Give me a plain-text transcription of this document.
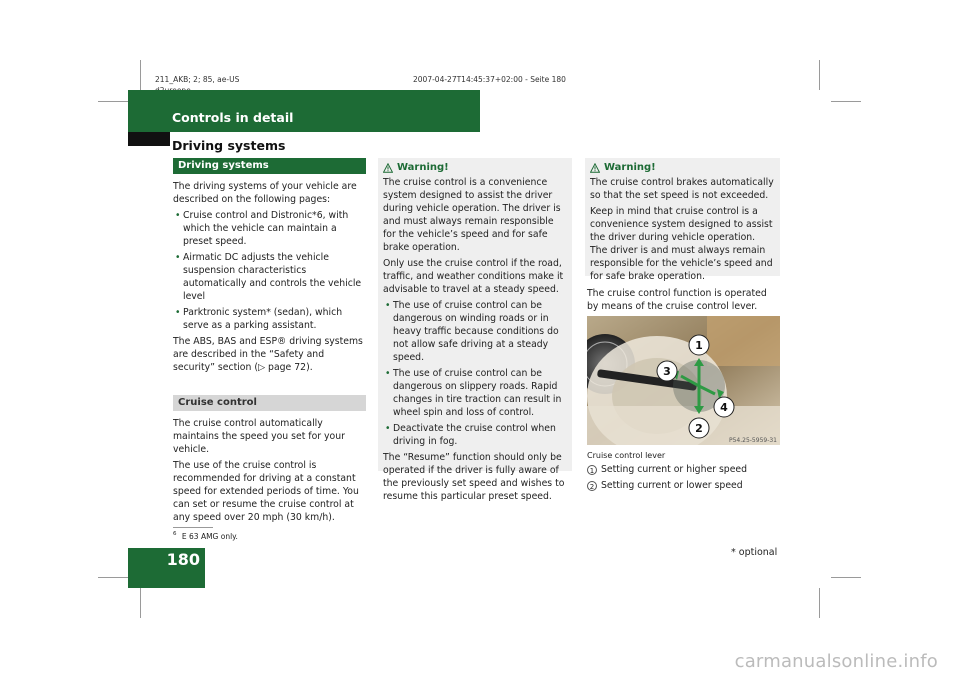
211_AKB; 2; 85, ae-US	2007-04-27T14:45:37+02:00 - Seite 180
Controls in detail
Driving systems
Driving systems

The driving systems of your vehicle are described on the following pages:

• Cruise control and Distronic*6, with which the vehicle can maintain a preset speed.

• Airmatic DC adjusts the vehicle suspension characteristics automatically and controls the vehicle level

• Parktronic system* (sedan), which serve as a parking assistant.

The ABS, BAS and ESP® driving systems are described in the “Safety and security” section (▷ page 72).

Cruise control

The cruise control automatically maintains the speed you set for your vehicle.

The use of the cruise control is recommended for driving at a constant speed for extended periods of time. You can set or resume the cruise control at any speed over 20 mph (30 km/h).

Warning!

The cruise control is a convenience system designed to assist the driver during vehicle operation. The driver is and must always remain responsible for the vehicle’s speed and for safe brake operation.

Only use the cruise control if the road, traffic, and weather conditions make it advisable to travel at a steady speed.

• The use of cruise control can be dangerous on winding roads or in heavy traffic because conditions do not allow safe driving at a steady speed.

• The use of cruise control can be dangerous on slippery roads. Rapid changes in tire traction can result in wheel spin and loss of control.

• Deactivate the cruise control when driving in fog.

The “Resume” function should only be operated if the driver is fully aware of the previously set speed and wishes to resume this particular preset speed.

Warning!

The cruise control brakes automatically so that the set speed is not exceeded.

Keep in mind that cruise control is a convenience system designed to assist the driver during vehicle operation. The driver is and must always remain responsible for the vehicle’s speed and for safe brake operation.

The cruise control function is operated by means of the cruise control lever.
1
2
3
4
P54.25-5959-31
Cruise control lever

1 Setting current or higher speed

2 Setting current or lower speed

$^6$ E 63 AMG only.
180	* optional
carmanualsonline.info
